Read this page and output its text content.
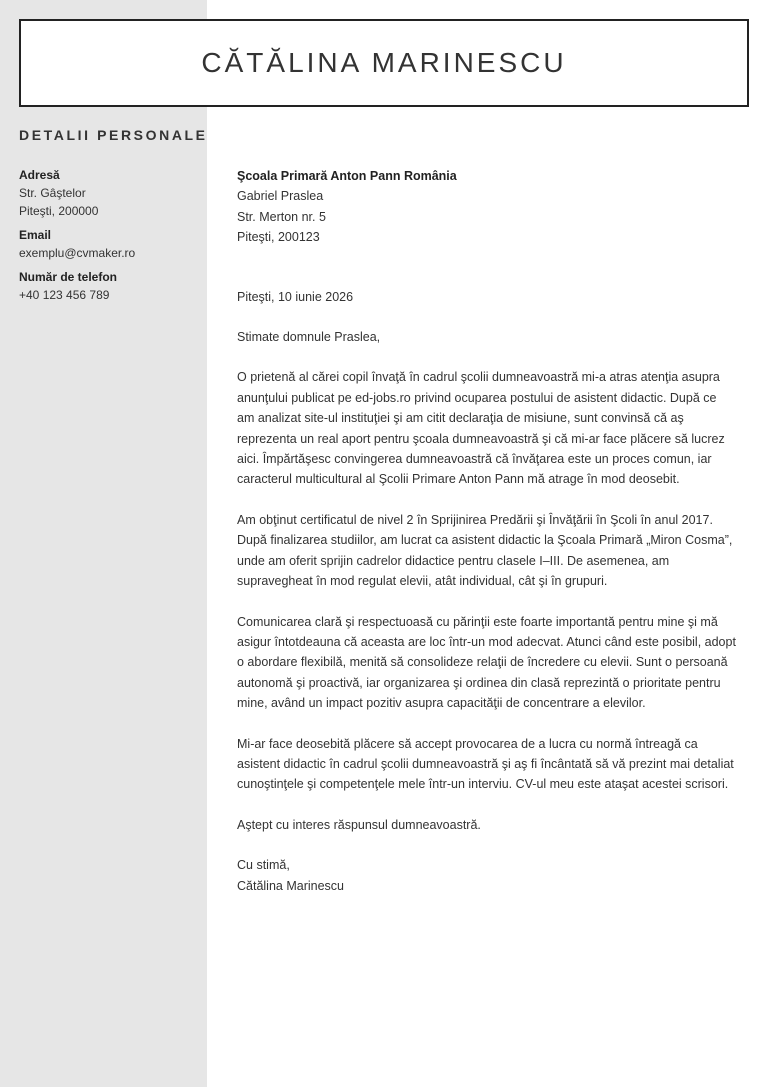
CĂTĂLINA MARINESCU
DETALII PERSONALE
Adresă
Str. Gâştelor
Piteşti, 200000
Email
exemplu@cvmaker.ro
Număr de telefon
+40 123 456 789

Şcoala Primară Anton Pann România

Gabriel Praslea

Str. Merton nr. 5

Piteşti, 200123

Piteşti, 10 iunie 2026

Stimate domnule Praslea,

O prietenă al cărei copil învaţă în cadrul şcolii dumneavoastră mi-a atras atenţia asupra anunţului publicat pe ed-jobs.ro privind ocuparea postului de asistent didactic. După ce am analizat site-ul instituţiei şi am citit declaraţia de misiune, sunt convinsă că aş reprezenta un real aport pentru şcoala dumneavoastră şi că mi-ar face plăcere să lucrez aici. Împărtăşesc convingerea dumneavoastră că învăţarea este un proces comun, iar caracterul multicultural al Şcolii Primare Anton Pann mă atrage în mod deosebit.

Am obţinut certificatul de nivel 2 în Sprijinirea Predării şi Învăţării în Şcoli în anul 2017. După finalizarea studiilor, am lucrat ca asistent didactic la Şcoala Primară „Miron Cosma”, unde am oferit sprijin cadrelor didactice pentru clasele I–III. De asemenea, am supravegheat în mod regulat elevii, atât individual, cât şi în grupuri.

Comunicarea clară şi respectuoasă cu părinţii este foarte importantă pentru mine şi mă asigur întotdeauna că aceasta are loc într-un mod adecvat. Atunci când este posibil, adopt o abordare flexibilă, menită să consolideze relaţii de încredere cu elevii. Sunt o persoană autonomă şi proactivă, iar organizarea şi ordinea din clasă reprezintă o prioritate pentru mine, având un impact pozitiv asupra capacităţii de concentrare a elevilor.

Mi-ar face deosebită plăcere să accept provocarea de a lucra cu normă întreagă ca asistent didactic în cadrul şcolii dumneavoastră şi aş fi încântată să vă prezint mai detaliat cunoştinţele şi competenţele mele într-un interviu. CV-ul meu este ataşat acestei scrisori.

Aştept cu interes răspunsul dumneavoastră.

Cu stimă,

Cătălina Marinescu
